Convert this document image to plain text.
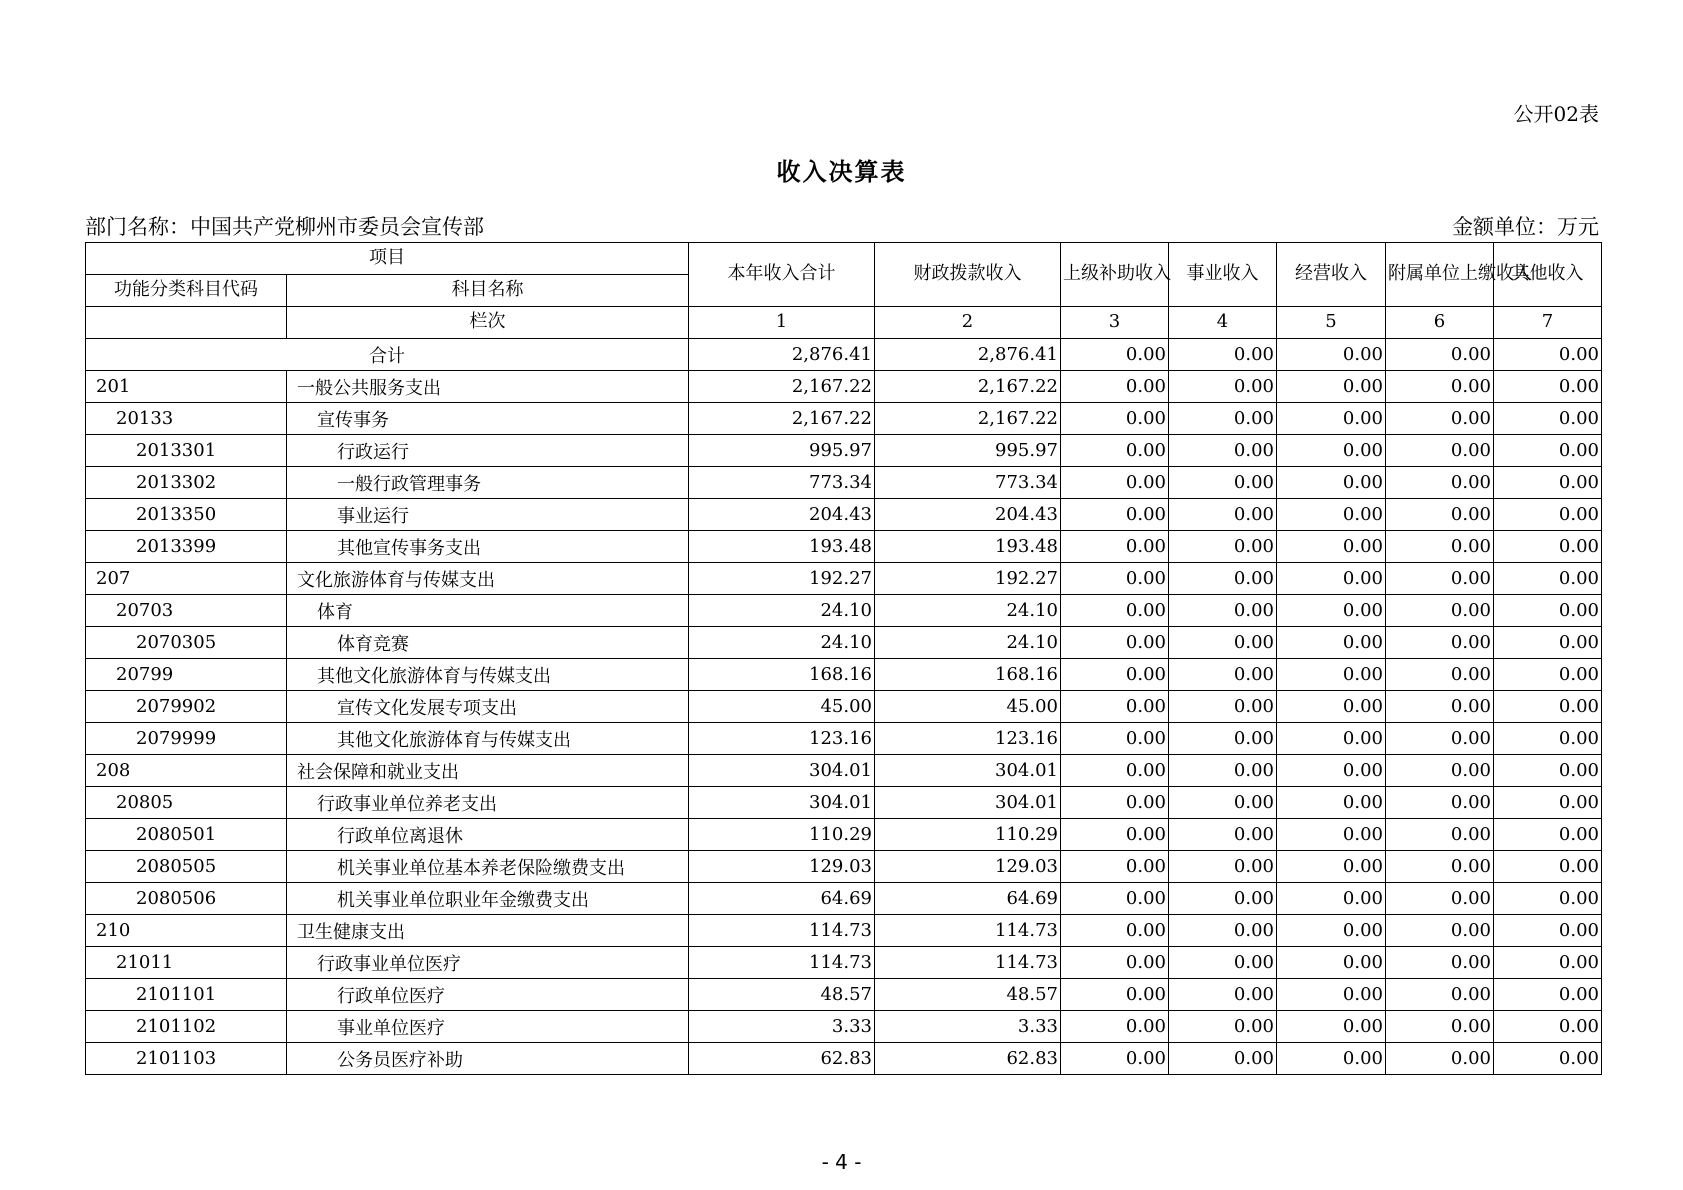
公开02表
收入决算表
部门名称：中国共产党柳州市委员会宣传部	金额单位：万元
项目		本年收入合计	财政拨款收入	上级补助收入	事业收入	经营收入	附属单位上缴收入	其他收入
功能分类科目代码	科目名称							
	栏次	1	2	3	4	5	6	7
合计		2,876.41	2,876.41	0.00	0.00	0.00	0.00	0.00
201	一般公共服务支出	2,167.22	2,167.22	0.00	0.00	0.00	0.00	0.00
20133	宣传事务	2,167.22	2,167.22	0.00	0.00	0.00	0.00	0.00
2013301	行政运行	995.97	995.97	0.00	0.00	0.00	0.00	0.00
2013302	一般行政管理事务	773.34	773.34	0.00	0.00	0.00	0.00	0.00
2013350	事业运行	204.43	204.43	0.00	0.00	0.00	0.00	0.00
2013399	其他宣传事务支出	193.48	193.48	0.00	0.00	0.00	0.00	0.00
207	文化旅游体育与传媒支出	192.27	192.27	0.00	0.00	0.00	0.00	0.00
20703	体育	24.10	24.10	0.00	0.00	0.00	0.00	0.00
2070305	体育竞赛	24.10	24.10	0.00	0.00	0.00	0.00	0.00
20799	其他文化旅游体育与传媒支出	168.16	168.16	0.00	0.00	0.00	0.00	0.00
2079902	宣传文化发展专项支出	45.00	45.00	0.00	0.00	0.00	0.00	0.00
2079999	其他文化旅游体育与传媒支出	123.16	123.16	0.00	0.00	0.00	0.00	0.00
208	社会保障和就业支出	304.01	304.01	0.00	0.00	0.00	0.00	0.00
20805	行政事业单位养老支出	304.01	304.01	0.00	0.00	0.00	0.00	0.00
2080501	行政单位离退休	110.29	110.29	0.00	0.00	0.00	0.00	0.00
2080505	机关事业单位基本养老保险缴费支出	129.03	129.03	0.00	0.00	0.00	0.00	0.00
2080506	机关事业单位职业年金缴费支出	64.69	64.69	0.00	0.00	0.00	0.00	0.00
210	卫生健康支出	114.73	114.73	0.00	0.00	0.00	0.00	0.00
21011	行政事业单位医疗	114.73	114.73	0.00	0.00	0.00	0.00	0.00
2101101	行政单位医疗	48.57	48.57	0.00	0.00	0.00	0.00	0.00
2101102	事业单位医疗	3.33	3.33	0.00	0.00	0.00	0.00	0.00
2101103	公务员医疗补助	62.83	62.83	0.00	0.00	0.00	0.00	0.00
- 4 -
